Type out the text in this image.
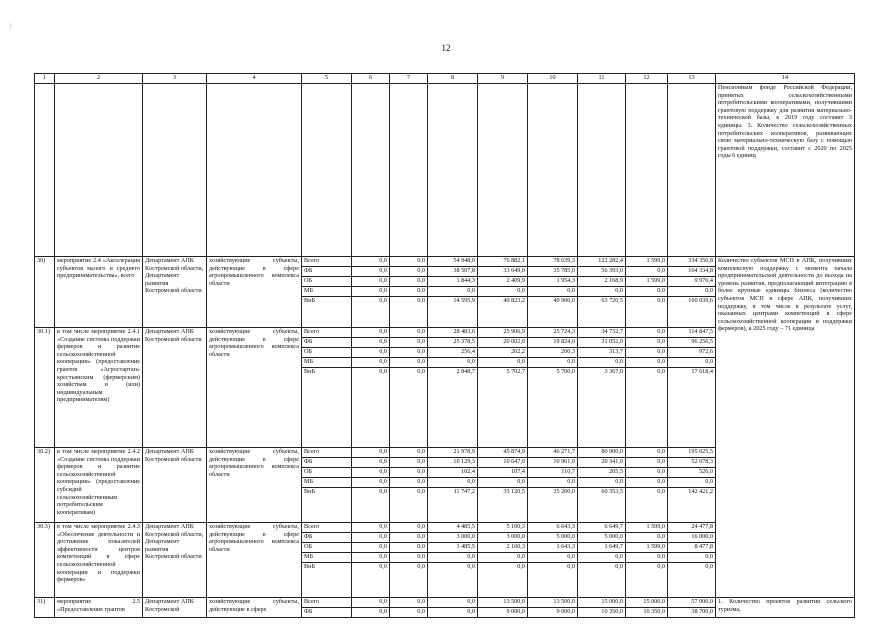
|
12
1	2	3	4	5	6	7	8	9	10	11	12	13	14
													Пенсионным фонде Российской Федерации, принятых сельскохозяйственными потребительскими кооперативами, получившими грантовую поддержку для развития материально-технической базы, к 2019 году составит 3 единицы. 3. Количество сельскохозяйственных потребительских кооперативов, развивающих свою материально-техническую базу с помощью грантовой поддержки, составит с 2020 по 2025 годы 6 единиц
30)	мероприятие 2.4 «Акселерация субъектов малого и среднего предпринимательства», всего	Департамент АПК Костромской области, Департамент развития Костромской области	хозяйствующие субъекты, действующие в сфере агропромышленного комплекса области	Всего	0,0	0,0	54 948,0	76 882,1	78 639,3	122 282,4	1 599,0	334 350,8	Количество субъектов МСП в АПК, получивших комплексную поддержку с момента начала предпринимательской деятельности до выхода на уровень развития, предполагающий интеграцию в более крупные единицы бизнеса (количество субъектов МСП в сфере АПК, получивших поддержку, в том числе в результате услуг, оказанных центрами компетенций в сфере сельскохозяйственной кооперации и поддержки фермеров), к 2025 году – 71 единица
				ФБ	0,0	0,0	38 507,8	33 649,0	35 785,0	56 393,0	0,0	164 334,8	
				ОБ	0,0	0,0	1 844,3	2 409,9	1 954,3	2 168,9	1 599,0	9 976,4	
				МБ	0,0	0,0	0,0	0,0	0,0	0,0	0,0	0,0	
				ВнБ	0,0	0,0	14 595,9	40 823,2	40 900,0	63 720,5	0,0	160 039,6	
30.1)	в том числе мероприятие 2.4.1 «Создание системы поддержки фермеров и развитие сельскохозяйственной кооперации» (предоставление грантов «Агростартап» крестьянским (фермерским) хозяйствам и (или) индивидуальным предпринимателям)	Департамент АПК Костромской области	хозяйствующие субъекты, действующие в сфере агропромышленного комплекса области	Всего	0,0	0,0	28 483,6	25 906,9	25 724,3	34 732,7	0,0	114 847,5	
				ФБ	0,0	0,0	25 378,5	20 002,0	19 824,0	31 052,0	0,0	96 256,5	
				ОБ	0,0	0,0	256,4	202,2	200,3	313,7	0,0	972,6	
				МБ	0,0	0,0	0,0	0,0	0,0	0,0	0,0	0,0	
				ВнБ	0,0	0,0	2 848,7	5 702,7	5 700,0	3 367,0	0,0	17 618,4	
30.2)	в том числе мероприятие 2.4.2 «Создание системы поддержки фермеров и развитие сельскохозяйственной кооперации» (предоставление субсидий сельскохозяйственным потребительским кооперативам)	Департамент АПК Костромской области	хозяйствующие субъекты, действующие в сфере агропромышленного комплекса области	Всего	0,0	0,0	21 978,9	45 874,9	46 271,7	80 900,0	0,0	195 025,5	
				ФБ	0,0	0,0	10 129,3	10 647,0	10 961,0	20 341,0	0,0	52 078,3	
				ОБ	0,0	0,0	102,4	107,4	110,7	205,5	0,0	526,0	
				МБ	0,0	0,0	0,0	0,0	0,0	0,0	0,0	0,0	
				ВнБ	0,0	0,0	11 747,2	35 120,5	35 200,0	60 353,5	0,0	142 421,2	
30.3)	в том числе мероприятие 2.4.3 «Обеспечение деятельности и достижение показателей эффективности центров компетенций в сфере сельскохозяйственной кооперации и поддержки фермеров»	Департамент АПК Костромской области, Департамент развития Костромской области	хозяйствующие субъекты, действующие в сфере агропромышленного комплекса области	Всего	0,0	0,0	4 485,5	5 100,3	6 643,3	6 649,7	1 599,0	24 477,8	
				ФБ	0,0	0,0	3 000,0	3 000,0	5 000,0	5 000,0	0,0	16 000,0	
				ОБ	0,0	0,0	1 485,5	2 100,3	1 643,3	1 649,7	1 599,0	8 477,8	
				МБ	0,0	0,0	0,0	0,0	0,0	0,0	0,0	0,0	
				ВнБ	0,0	0,0	0,0	0,0	0,0	0,0	0,0	0,0	
31)	мероприятие 2.5 «Предоставление грантов	Департамент АПК Костромской	хозяйствующие субъекты, действующие в сфере	Всего	0,0	0,0	0,0	13 500,0	13 500,0	15 000,0	15 000,0	57 000,0	1. Количество проектов развития сельского туризма,
				ФБ	0,0	0,0	0,0	9 000,0	9 000,0	10 350,0	10 350,0	38 700,0	
